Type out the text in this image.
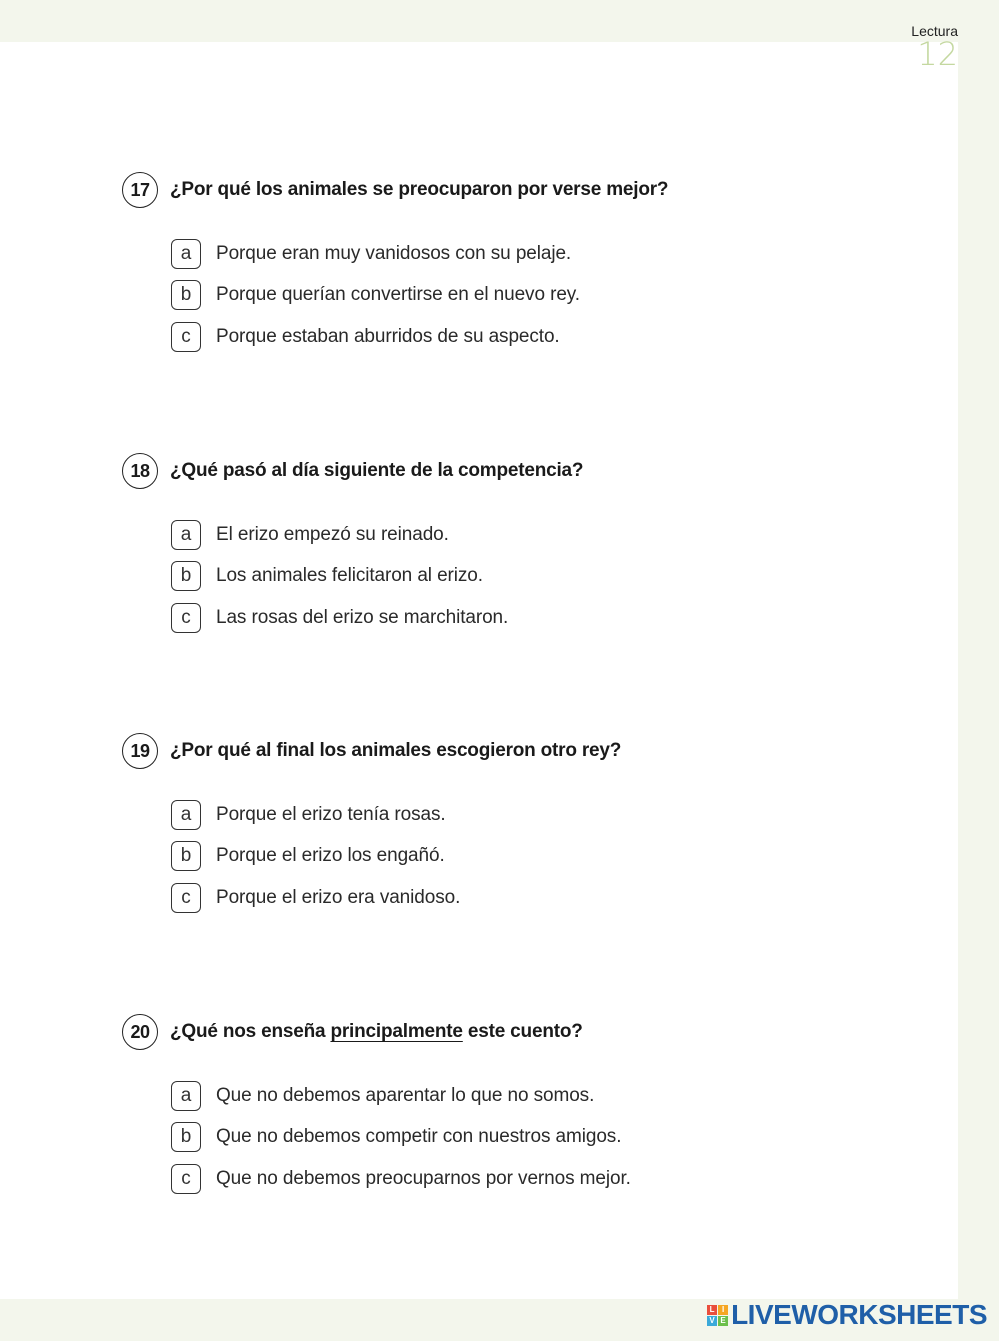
Lectura
12
17	¿Por qué los animales se preocuparon por verse mejor?
a	Porque eran muy vanidosos con su pelaje.
b	Porque querían convertirse en el nuevo rey.
c	Porque estaban aburridos de su aspecto.
18	¿Qué pasó al día siguiente de la competencia?
a	El erizo empezó su reinado.
b	Los animales felicitaron al erizo.
c	Las rosas del erizo se marchitaron.
19	¿Por qué al final los animales escogieron otro rey?
a	Porque el erizo tenía rosas.
b	Porque el erizo los engañó.
c	Porque el erizo era vanidoso.
20	¿Qué nos enseña principalmente este cuento?
a	Que no debemos aparentar lo que no somos.
b	Que no debemos competir con nuestros amigos.
c	Que no debemos preocuparnos por vernos mejor.
L I
V E LIVEWORKSHEETS
